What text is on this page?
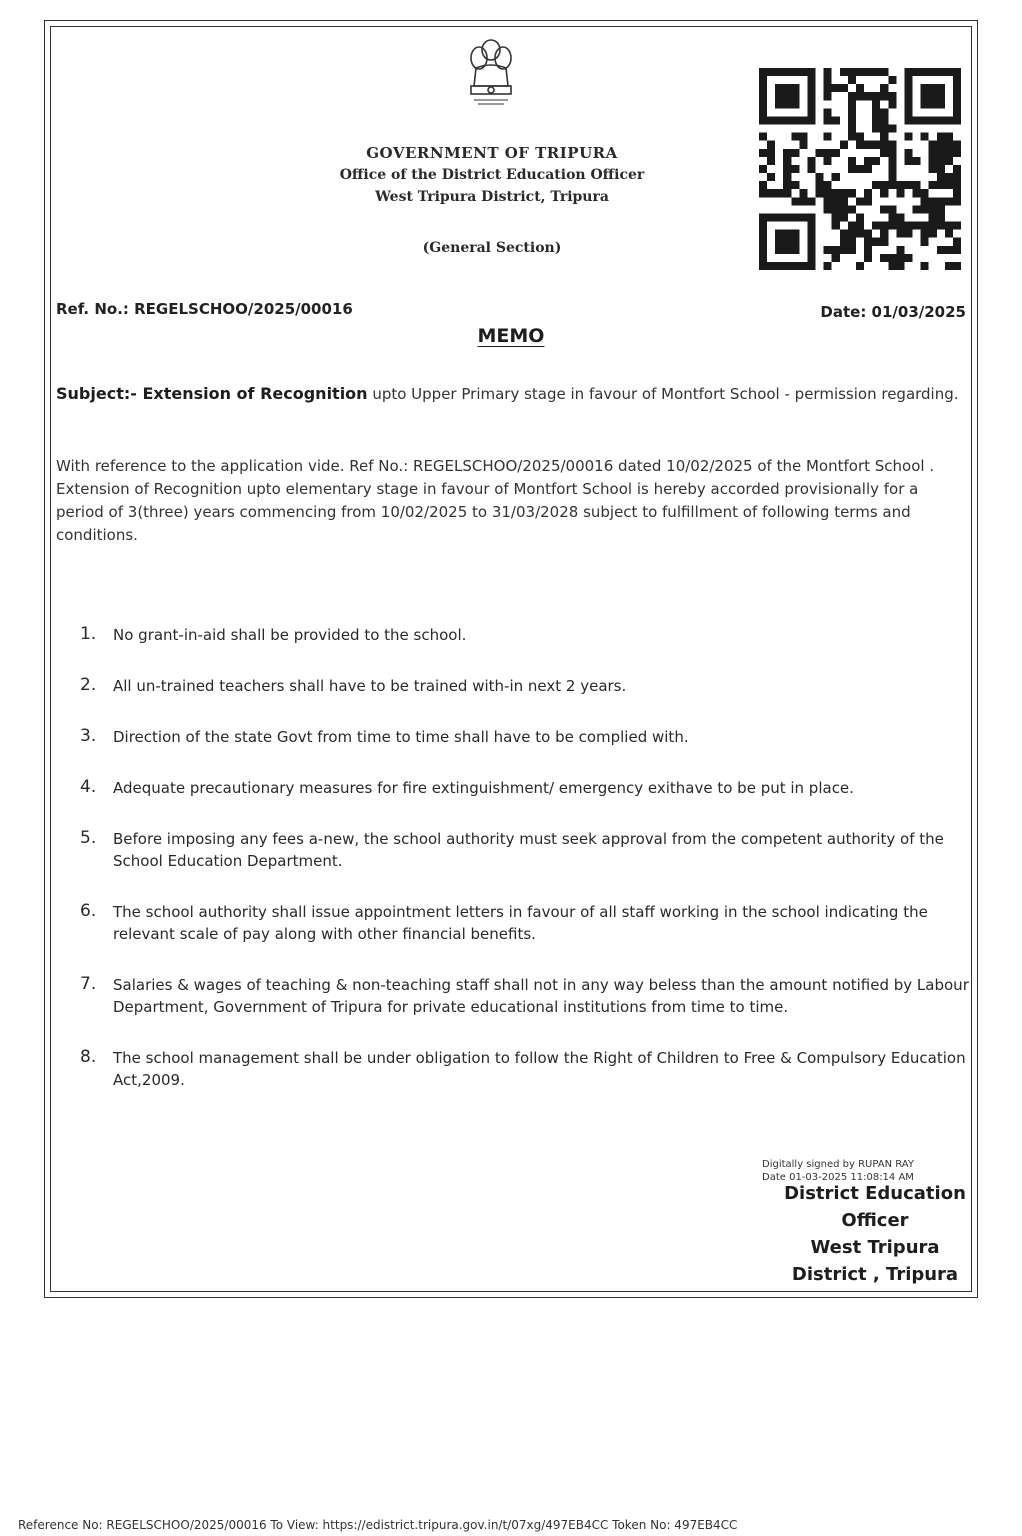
GOVERNMENT OF TRIPURA
Office of the District Education Officer
West Tripura District, Tripura
(General Section)
Ref. No.: REGELSCHOO/2025/00016	Date: 01/03/2025
MEMO
Subject:- Extension of Recognition upto Upper Primary stage in favour of Montfort School - permission regarding.
With reference to the application vide. Ref No.: REGELSCHOO/2025/00016 dated 10/02/2025 of the Montfort School . Extension of Recognition upto elementary stage in favour of Montfort School is hereby accorded provisionally for a period of 3(three) years commencing from 10/02/2025 to 31/03/2028 subject to fulfillment of following terms and conditions.
1. No grant-in-aid shall be provided to the school.
2. All un-trained teachers shall have to be trained with-in next 2 years.
3. Direction of the state Govt from time to time shall have to be complied with.
4. Adequate precautionary measures for fire extinguishment/ emergency exithave to be put in place.
5. Before imposing any fees a-new, the school authority must seek approval from the competent authority of the School Education Department.
6. The school authority shall issue appointment letters in favour of all staff working in the school indicating the relevant scale of pay along with other financial benefits.
7. Salaries & wages of teaching & non-teaching staff shall not in any way beless than the amount notified by Labour Department, Government of Tripura for private educational institutions from time to time.
8. The school management shall be under obligation to follow the Right of Children to Free & Compulsory Education Act,2009.
Digitally signed by RUPAN RAY
Date 01-03-2025 11:08:14 AM
District Education
Officer
West Tripura
District , Tripura
Reference No: REGELSCHOO/2025/00016 To View: https://edistrict.tripura.gov.in/t/07xg/497EB4CC Token No: 497EB4CC
